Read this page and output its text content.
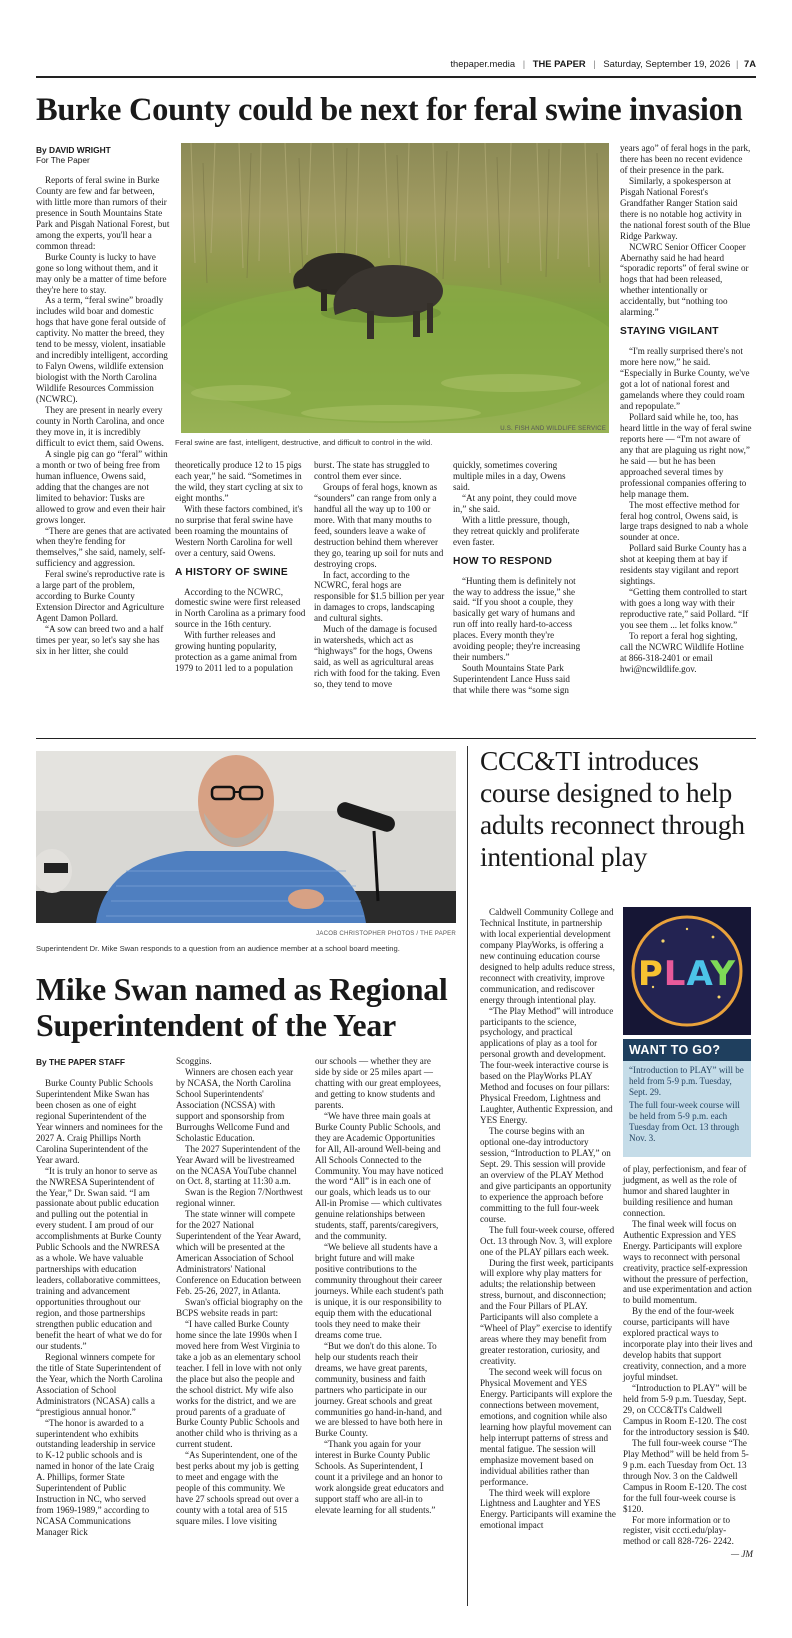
thepaper.media | THE PAPER | Saturday, September 19, 2026 | 7A
Burke County could be next for feral swine invasion
By DAVID WRIGHT
For The Paper

Reports of feral swine in Burke County are few and far between, with little more than rumors of their presence in South Mountains State Park and Pisgah National Forest, but among the experts, you'll hear a common thread:

Burke County is lucky to have gone so long without them, and it may only be a matter of time before they're here to stay.

As a term, “feral swine” broadly includes wild boar and domestic hogs that have gone feral outside of captivity. No matter the breed, they tend to be messy, violent, insatiable and incredibly intelligent, according to Falyn Owens, wildlife extension biologist with the North Carolina Wildlife Resources Commission (NCWRC).

They are present in nearly every county in North Carolina, and once they move in, it is incredibly difficult to evict them, said Owens.

A single pig can go “feral” within a month or two of being free from human influence, Owens said, adding that the changes are not limited to behavior: Tusks are allowed to grow and even their hair grows longer.

“There are genes that are activated when they're fending for themselves,” she said, namely, self-sufficiency and aggression.

Feral swine's reproductive rate is a large part of the problem, according to Burke County Extension Director and Agriculture Agent Damon Pollard.

“A sow can breed two and a half times per year, so let's say she has six in her litter, she could

U.S. FISH AND WILDLIFE SERVICE
Feral swine are fast, intelligent, destructive, and difficult to control in the wild.

theoretically produce 12 to 15 pigs each year,” he said. “Sometimes in the wild, they start cycling at six to eight months.”

With these factors combined, it's no surprise that feral swine have been roaming the mountains of Western North Carolina for well over a century, said Owens.

A HISTORY OF SWINE

According to the NCWRC, domestic swine were first released in North Carolina as a primary food source in the 16th century.

With further releases and growing hunting popularity, protection as a game animal from 1979 to 2011 led to a population

burst. The state has struggled to control them ever since.

Groups of feral hogs, known as “sounders” can range from only a handful all the way up to 100 or more. With that many mouths to feed, sounders leave a wake of destruction behind them wherever they go, tearing up soil for nuts and destroying crops.

In fact, according to the NCWRC, feral hogs are responsible for $1.5 billion per year in damages to crops, landscaping and cultural sights.

Much of the damage is focused in watersheds, which act as “highways” for the hogs, Owens said, as well as agricultural areas rich with food for the taking. Even so, they tend to move

quickly, sometimes covering multiple miles in a day, Owens said.

“At any point, they could move in,” she said.

With a little pressure, though, they retreat quickly and proliferate even faster.

HOW TO RESPOND

“Hunting them is definitely not the way to address the issue,” she said. “If you shoot a couple, they basically get wary of humans and run off into really hard-to-access places. Every month they're avoiding people; they're increasing their numbers.”

South Mountains State Park Superintendent Lance Huss said that while there was “some sign

years ago” of feral hogs in the park, there has been no recent evidence of their presence in the park.

Similarly, a spokesperson at Pisgah National Forest's Grandfather Ranger Station said there is no notable hog activity in the national forest south of the Blue Ridge Parkway.

NCWRC Senior Officer Cooper Abernathy said he had heard “sporadic reports” of feral swine or hogs that had been released, whether intentionally or accidentally, but “nothing too alarming.”

STAYING VIGILANT

“I'm really surprised there's not more here now,” he said. “Especially in Burke County, we've got a lot of national forest and gamelands where they could roam and repopulate.”

Pollard said while he, too, has heard little in the way of feral swine reports here — “I'm not aware of any that are plaguing us right now,” he said — but he has been approached several times by professional companies offering to help manage them.

The most effective method for feral hog control, Owens said, is large traps designed to nab a whole sounder at once.

Pollard said Burke County has a shot at keeping them at bay if residents stay vigilant and report sightings.

“Getting them controlled to start with goes a long way with their reproductive rate,” said Pollard. “If you see them ... let folks know.”

To report a feral hog sighting, call the NCWRC Wildlife Hotline at 866-318-2401 or email hwi@ncwildlife.gov.

JACOB CHRISTOPHER PHOTOS / THE PAPER
Superintendent Dr. Mike Swan responds to a question from an audience member at a school board meeting.
Mike Swan named as Regional Superintendent of the Year
By THE PAPER STAFF

Burke County Public Schools Superintendent Mike Swan has been chosen as one of eight regional Superintendent of the Year winners and nominees for the 2027 A. Craig Phillips North Carolina Superintendent of the Year award.

“It is truly an honor to serve as the NWRESA Superintendent of the Year,” Dr. Swan said. “I am passionate about public education and pulling out the potential in every student. I am proud of our accomplishments at Burke County Public Schools and the NWRESA as a whole. We have valuable partnerships with education leaders, collaborative committees, training and advancement opportunities throughout our region, and those partnerships strengthen public education and benefit the heart of what we do for our students.”

Regional winners compete for the title of State Superintendent of the Year, which the North Carolina Association of School Administrators (NCASA) calls a “prestigious annual honor.”

“The honor is awarded to a superintendent who exhibits outstanding leadership in service to K-12 public schools and is named in honor of the late Craig A. Phillips, former State Superintendent of Public Instruction in NC, who served from 1969-1989,” according to NCASA Communications Manager Rick

Scoggins.

Winners are chosen each year by NCASA, the North Carolina School Superintendents' Association (NCSSA) with support and sponsorship from Burroughs Wellcome Fund and Scholastic Education.

The 2027 Superintendent of the Year Award will be livestreamed on the NCASA YouTube channel on Oct. 8, starting at 11:30 a.m.

Swan is the Region 7/Northwest regional winner.

The state winner will compete for the 2027 National Superintendent of the Year Award, which will be presented at the American Association of School Administrators' National Conference on Education between Feb. 25-26, 2027, in Atlanta.

Swan's official biography on the BCPS website reads in part:

“I have called Burke County home since the late 1990s when I moved here from West Virginia to take a job as an elementary school teacher. I fell in love with not only the place but also the people and the school district. My wife also works for the district, and we are proud parents of a graduate of Burke County Public Schools and another child who is thriving as a current student.

“As Superintendent, one of the best perks about my job is getting to meet and engage with the people of this community. We have 27 schools spread out over a county with a total area of 515 square miles. I love visiting

our schools — whether they are side by side or 25 miles apart — chatting with our great employees, and getting to know students and parents.

“We have three main goals at Burke County Public Schools, and they are Academic Opportunities for All, All-around Well-being and All Schools Connected to the Community. You may have noticed the word “All” is in each one of our goals, which leads us to our All-in Promise — which cultivates genuine relationships between students, staff, parents/caregivers, and the community.

“We believe all students have a bright future and will make positive contributions to the community throughout their career journeys. While each student's path is unique, it is our responsibility to equip them with the educational tools they need to make their dreams come true.

“But we don't do this alone. To help our students reach their dreams, we have great parents, community, business and faith partners who participate in our journey. Great schools and great communities go hand-in-hand, and we are blessed to have both here in Burke County.

“Thank you again for your interest in Burke County Public Schools. As Superintendent, I count it a privilege and an honor to work alongside great educators and support staff who are all-in to elevate learning for all students.”

CCC&TI introduces course designed to help adults reconnect through intentional play

Caldwell Community College and Technical Institute, in partnership with local experiential development company PlayWorks, is offering a new continuing education course designed to help adults reduce stress, reconnect with creativity, improve communication, and rediscover energy through intentional play.

“The Play Method” will introduce participants to the science, psychology, and practical applications of play as a tool for personal growth and development. The four-week interactive course is based on the PlayWorks PLAY Method and focuses on four pillars: Physical Freedom, Lightness and Laughter, Authentic Expression, and YES Energy.

The course begins with an optional one-day introductory session, “Introduction to PLAY,” on Sept. 29. This session will provide an overview of the PLAY Method and give participants an opportunity to experience the approach before committing to the full four-week course.

The full four-week course, offered Oct. 13 through Nov. 3, will explore one of the PLAY pillars each week.

During the first week, participants will explore why play matters for adults; the relationship between stress, burnout, and disconnection; and the Four Pillars of PLAY. Participants will also complete a “Wheel of Play” exercise to identify areas where they may benefit from greater restoration, curiosity, and creativity.

The second week will focus on Physical Movement and YES Energy. Participants will explore the connections between movement, emotions, and cognition while also learning how playful movement can help interrupt patterns of stress and mental fatigue. The session will emphasize movement based on individual abilities rather than performance.

The third week will explore Lightness and Laughter and YES Energy. Participants will examine the emotional impact

PLAY
WANT TO GO?

“Introduction to PLAY” will be held from 5-9 p.m. Tuesday, Sept. 29.

The full four-week course will be held from 5-9 p.m. each Tuesday from Oct. 13 through Nov. 3.

of play, perfectionism, and fear of judgment, as well as the role of humor and shared laughter in building resilience and human connection.

The final week will focus on Authentic Expression and YES Energy. Participants will explore ways to reconnect with personal creativity, practice self-expression without the pressure of perfection, and use experimentation and action to build momentum.

By the end of the four-week course, participants will have explored practical ways to incorporate play into their lives and develop habits that support creativity, connection, and a more joyful mindset.

“Introduction to PLAY” will be held from 5-9 p.m. Tuesday, Sept. 29, on CCC&TI's Caldwell Campus in Room E-120. The cost for the introductory session is $40.

The full four-week course “The Play Method” will be held from 5-9 p.m. each Tuesday from Oct. 13 through Nov. 3 on the Caldwell Campus in Room E-120. The cost for the full four-week course is $120.

For more information or to register, visit cccti.edu/play-method or call 828-726- 2242.

— JM
